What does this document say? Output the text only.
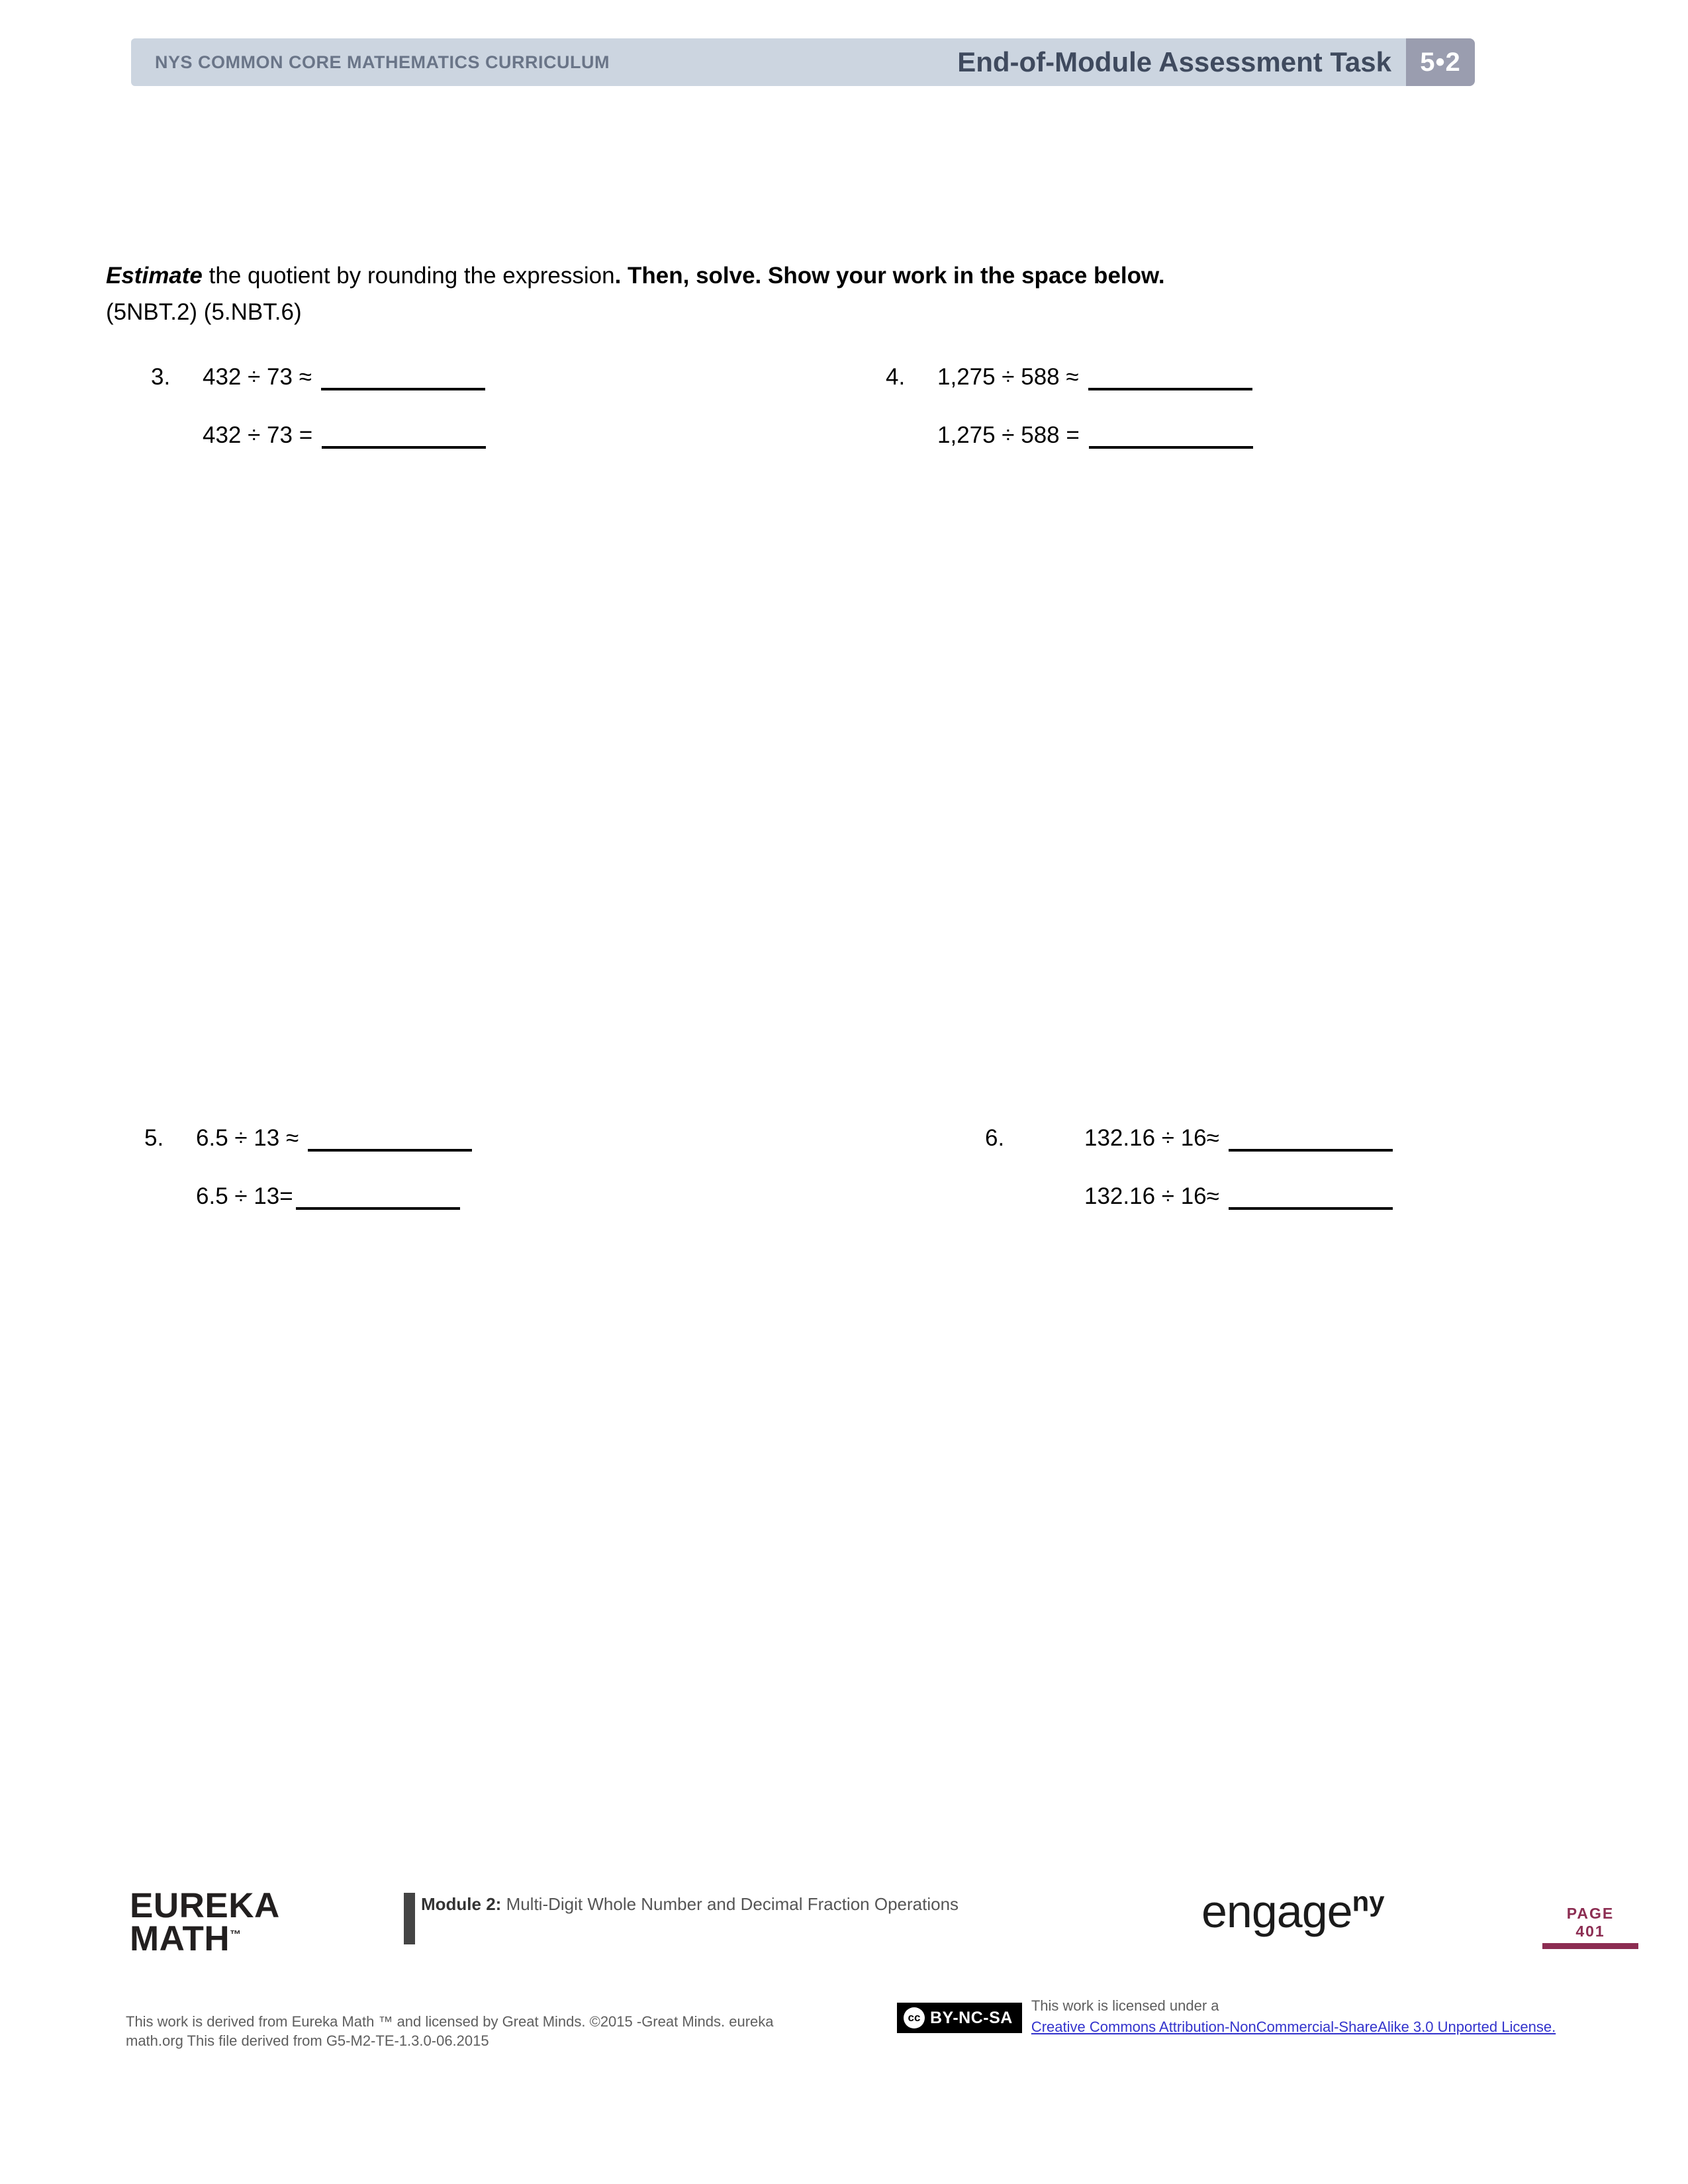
NYS COMMON CORE MATHEMATICS CURRICULUM	End-of-Module Assessment Task	5•2
Estimate the quotient by rounding the expression. Then, solve. Show your work in the space below.
(5NBT.2) (5.NBT.6)
3.	432 ÷ 73 ≈
432 ÷ 73 =
4.	1,275 ÷ 588 ≈
1,275 ÷ 588 =
5.	6.5 ÷ 13 ≈
6.5 ÷ 13=
6.	132.16 ÷ 16≈
132.16 ÷ 16≈
EUREKA
MATH™
Module 2: Multi-Digit Whole Number and Decimal Fraction Operations	engage$^{ny}$	PAGE
401
This work is derived from Eureka Math ™ and licensed by Great Minds. ©2015 -Great Minds. eureka
math.org This file derived from G5-M2-TE-1.3.0-06.2015
cc BY-NC-SA
This work is licensed under a
Creative Commons Attribution-NonCommercial-ShareAlike 3.0 Unported License.
